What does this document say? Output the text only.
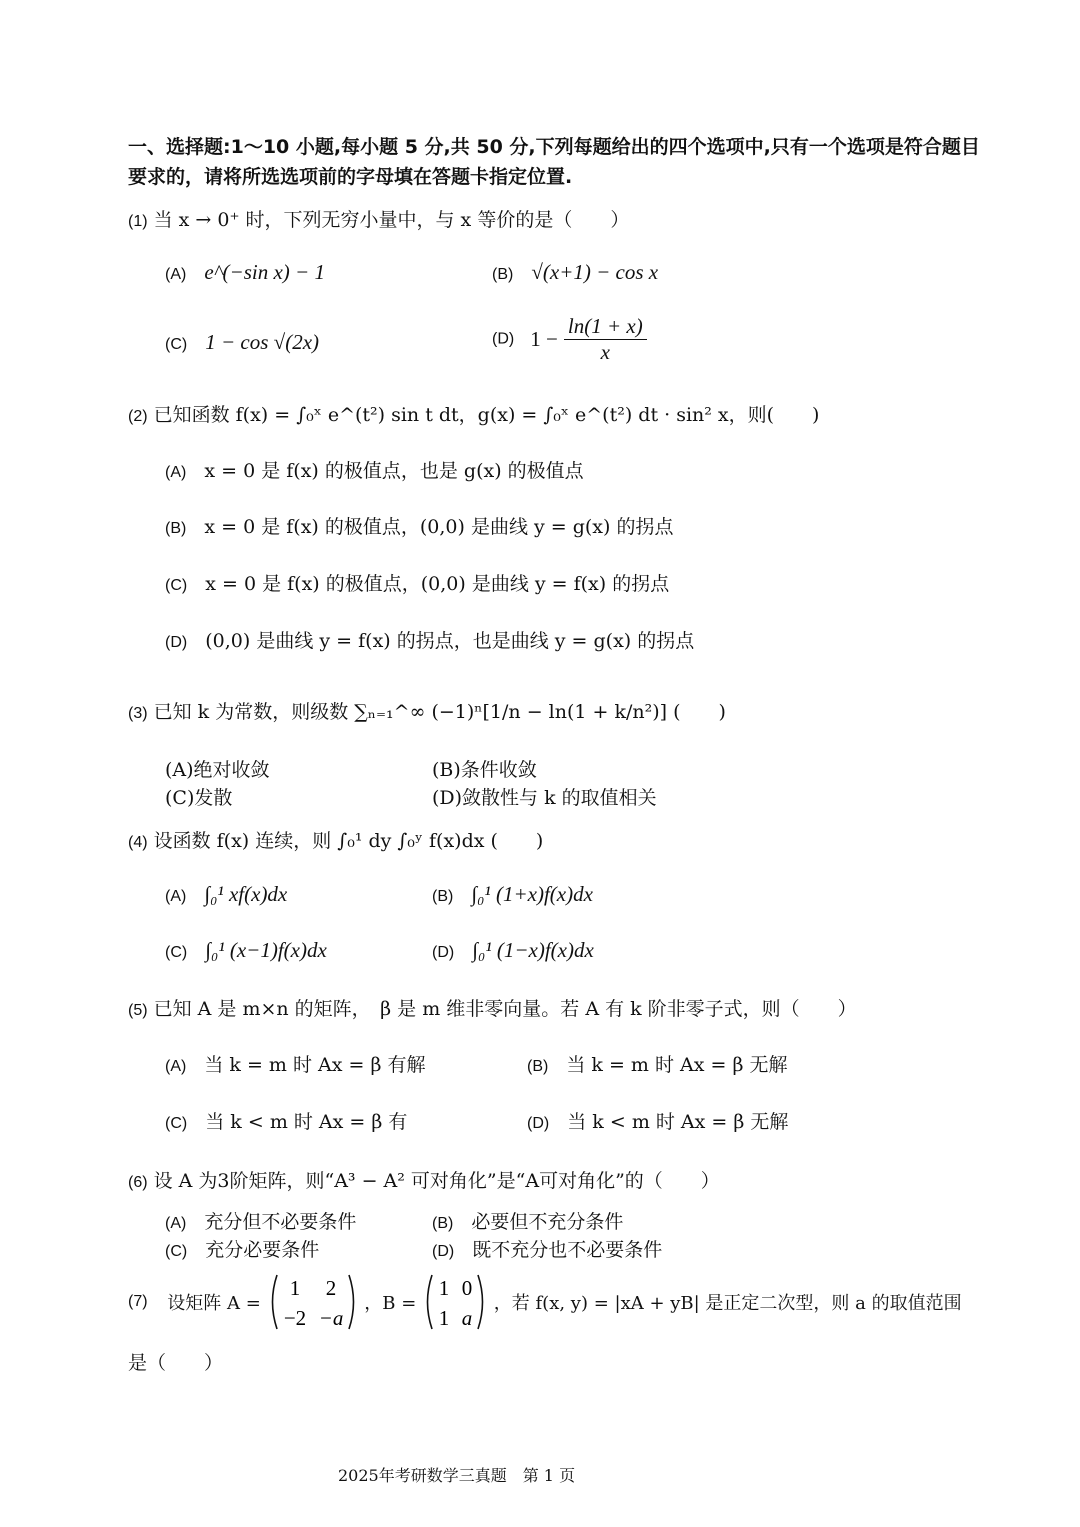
一、选择题:1～10 小题,每小题 5 分,共 50 分,下列每题给出的四个选项中,只有一个选项是符合题目
要求的，请将所选选项前的字母填在答题卡指定位置.
(1) 当 x → 0⁺ 时，下列无穷小量中，与 x 等价的是（　　）
(A) e^(−sin x) − 1	(B) √(x+1) − cos x
(C) 1 − cos √(2x)	(D) $1 - \frac{\ln(1 + x)}{x}$
(2) 已知函数 f(x) = ∫₀ˣ e^(t²) sin t dt，g(x) = ∫₀ˣ e^(t²) dt · sin² x，则(　　)
(A) x = 0 是 f(x) 的极值点，也是 g(x) 的极值点
(B) x = 0 是 f(x) 的极值点，(0,0) 是曲线 y = g(x) 的拐点
(C) x = 0 是 f(x) 的极值点，(0,0) 是曲线 y = f(x) 的拐点
(D) (0,0) 是曲线 y = f(x) 的拐点，也是曲线 y = g(x) 的拐点
(3) 已知 k 为常数，则级数 ∑ₙ₌₁^∞ (−1)ⁿ[1/n − ln(1 + k/n²)] (　　)
(A)绝对收敛	(B)条件收敛
(C)发散	(D)敛散性与 k 的取值相关
(4) 设函数 f(x) 连续，则 ∫₀¹ dy ∫₀ʸ f(x)dx (　　)
(A) ∫₀¹ xf(x)dx	(B) ∫₀¹ (1+x)f(x)dx
(C) ∫₀¹ (x−1)f(x)dx	(D) ∫₀¹ (1−x)f(x)dx
(5) 已知 A 是 m×n 的矩阵，　β 是 m 维非零向量。若 A 有 k 阶非零子式，则（　　）
(A) 当 k = m 时 Ax = β 有解	(B) 当 k = m 时 Ax = β 无解
(C) 当 k < m 时 Ax = β 有	(D) 当 k < m 时 Ax = β 无解
(6) 设 A 为3阶矩阵，则“A³ − A² 可对角化”是“A可对角化”的（　　）
(A) 充分但不必要条件	(B) 必要但不充分条件
(C) 充分必要条件	(D) 既不充分也不必要条件
(7) 设矩阵 A =
1 2
−2 −a
，B =
1 0
1 a
，若 f(x, y) = |xA + yB| 是正定二次型，则 a 的取值范围
是（　　）
2025年考研数学三真题　第 1 页
